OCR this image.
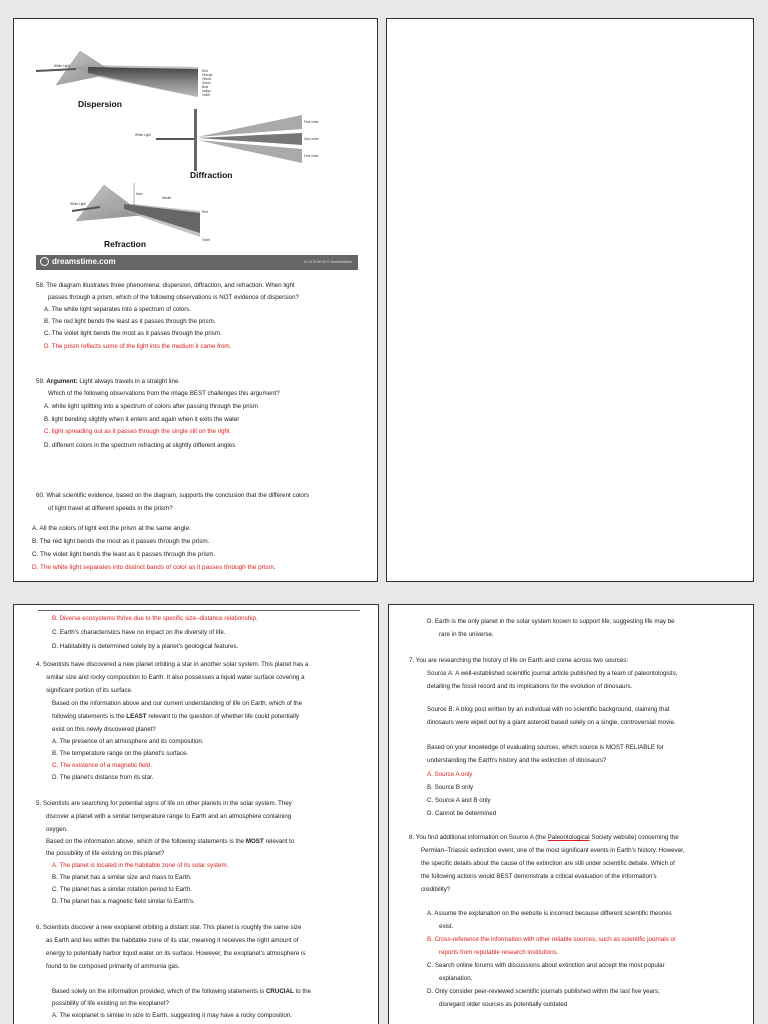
White Light
Red
Orange
Yellow
Green
Blue
Indigo
Violet
Dispersion
White Light
First order
Zero order
First order
Diffraction
White Light
θred
θviolet
Red
Violet
Refraction
dreamstime.com	ID 147618744 © Vectorlibellule
58. The diagram illustrates three phenomena: dispersion, diffraction, and refraction. When light
passes through a prism, which of the following observations is NOT evidence of dispersion?
A. The white light separates into a spectrum of colors.
B. The red light bends the least as it passes through the prism.
C. The violet light bends the most as it passes through the prism.
D. The prism reflects some of the light into the medium it came from.
59. Argument: Light always travels in a straight line.
Which of the following observations from the image BEST challenges this argument?
A. white light splitting into a spectrum of colors after passing through the prism
B. light bending slightly when it enters and again when it exits the water
C. light spreading out as it passes through the single slit on the right
D. different colors in the spectrum refracting at slightly different angles
60. What scientific evidence, based on the diagram, supports the conclusion that the different colors
of light travel at different speeds in the prism?
A. All the colors of light exit the prism at the same angle.
B. The red light bends the most as it passes through the prism.
C. The violet light bends the least as it passes through the prism.
D. The white light separates into distinct bands of color as it passes through the prism.
B. Diverse ecosystems thrive due to the specific size–distance relationship.
C. Earth's characteristics have no impact on the diversity of life.
D. Habitability is determined solely by a planet's geological features.
4. Scientists have discovered a new planet orbiting a star in another solar system. This planet has a
similar size and rocky composition to Earth. It also possesses a liquid water surface covering a
significant portion of its surface.
Based on the information above and our current understanding of life on Earth, which of the
following statements is the LEAST relevant to the question of whether life could potentially
exist on this newly discovered planet?
A. The presence of an atmosphere and its composition.
B. The temperature range on the planet's surface.
C. The existence of a magnetic field.
D. The planet's distance from its star.
5. Scientists are searching for potential signs of life on other planets in the solar system. They
discover a planet with a similar temperature range to Earth and an atmosphere containing
oxygen.
Based on the information above, which of the following statements is the MOST relevant to
the possibility of life existing on this planet?
A. The planet is located in the habitable zone of its solar system.
B. The planet has a similar size and mass to Earth.
C. The planet has a similar rotation period to Earth.
D. The planet has a magnetic field similar to Earth's.
6. Scientists discover a new exoplanet orbiting a distant star. This planet is roughly the same size
as Earth and lies within the habitable zone of its star, meaning it receives the right amount of
energy to potentially harbor liquid water on its surface. However, the exoplanet's atmosphere is
found to be composed primarily of ammonia gas.
Based solely on the information provided, which of the following statements is CRUCIAL to the
possibility of life existing on the exoplanet?
A. The exoplanet is similar in size to Earth, suggesting it may have a rocky composition.
D. Earth is the only planet in the solar system known to support life, suggesting life may be
rare in the universe.
7. You are researching the history of life on Earth and come across two sources:
Source A: A well-established scientific journal article published by a team of paleontologists,
detailing the fossil record and its implications for the evolution of dinosaurs.
Source B: A blog post written by an individual with no scientific background, claiming that
dinosaurs were wiped out by a giant asteroid based solely on a single, controversial movie.
Based on your knowledge of evaluating sources, which source is MOST RELIABLE for
understanding the Earth's history and the extinction of dinosaurs?
A. Source A only
B. Source B only
C. Source A and B only
D. Cannot be determined
8. You find additional information on Source A (the Paleontological Society website) concerning the
Permian–Triassic extinction event, one of the most significant events in Earth's history. However,
the specific details about the cause of the extinction are still under scientific debate. Which of
the following actions would BEST demonstrate a critical evaluation of the information's
credibility?
A. Assume the explanation on the website is incorrect because different scientific theories
exist.
B. Cross-reference the information with other reliable sources, such as scientific journals or
reports from reputable research institutions.
C. Search online forums with discussions about extinction and accept the most popular
explanation.
D. Only consider peer-reviewed scientific journals published within the last five years;
disregard older sources as potentially outdated
